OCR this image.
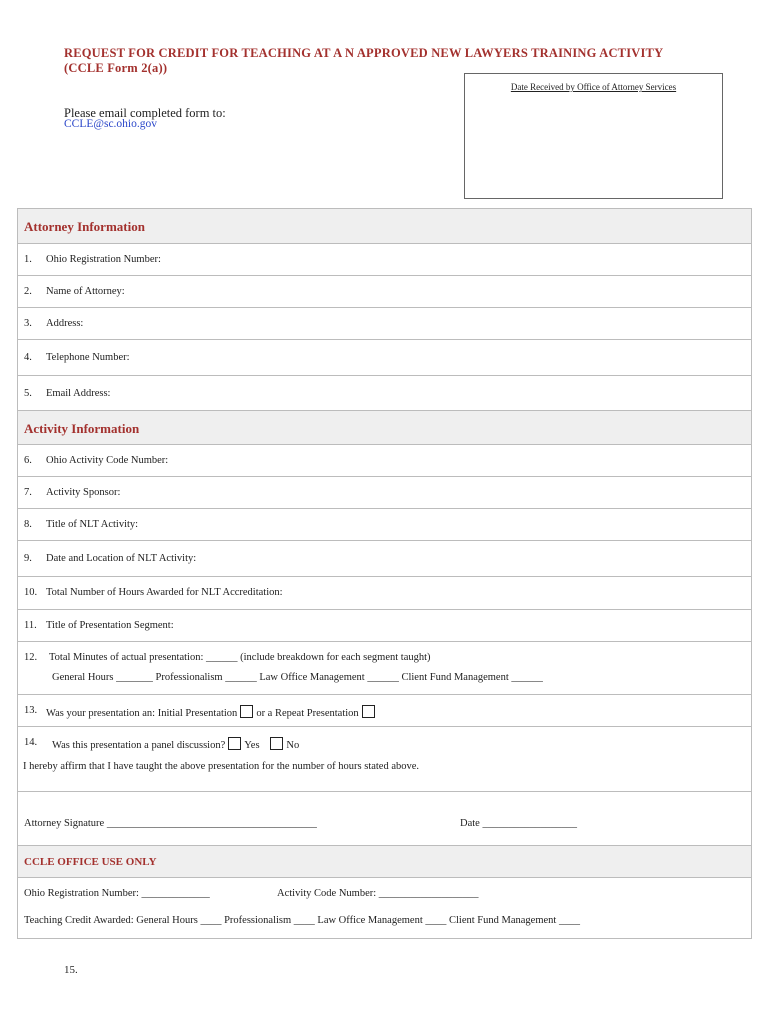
REQUEST FOR CREDIT FOR TEACHING AT A N APPROVED NEW LAWYERS TRAINING ACTIVITY
(CCLE Form 2(a))
Please email completed form to:
CCLE@sc.ohio.gov
Date Received by Office of Attorney Services
Attorney Information
1. Ohio Registration Number:
2. Name of Attorney:
3. Address:
4. Telephone Number:
5. Email Address:
Activity Information
6. Ohio Activity Code Number:
7. Activity Sponsor:
8. Title of NLT Activity:
9. Date and Location of NLT Activity:
10. Total Number of Hours Awarded for NLT Accreditation:
11. Title of Presentation Segment:
12. Total Minutes of actual presentation: ______ (include breakdown for each segment taught)
General Hours _______ Professionalism ______ Law Office Management ______ Client Fund Management ______
13. Was your presentation an: Initial Presentation or a Repeat Presentation
14. Was this presentation a panel discussion? Yes	No
I hereby affirm that I have taught the above presentation for the number of hours stated above.
Attorney Signature ________________________________________	Date __________________
CCLE OFFICE USE ONLY
Ohio Registration Number: _____________	Activity Code Number: ___________________
Teaching Credit Awarded: General Hours ____ Professionalism ____ Law Office Management ____ Client Fund Management ____
15.
